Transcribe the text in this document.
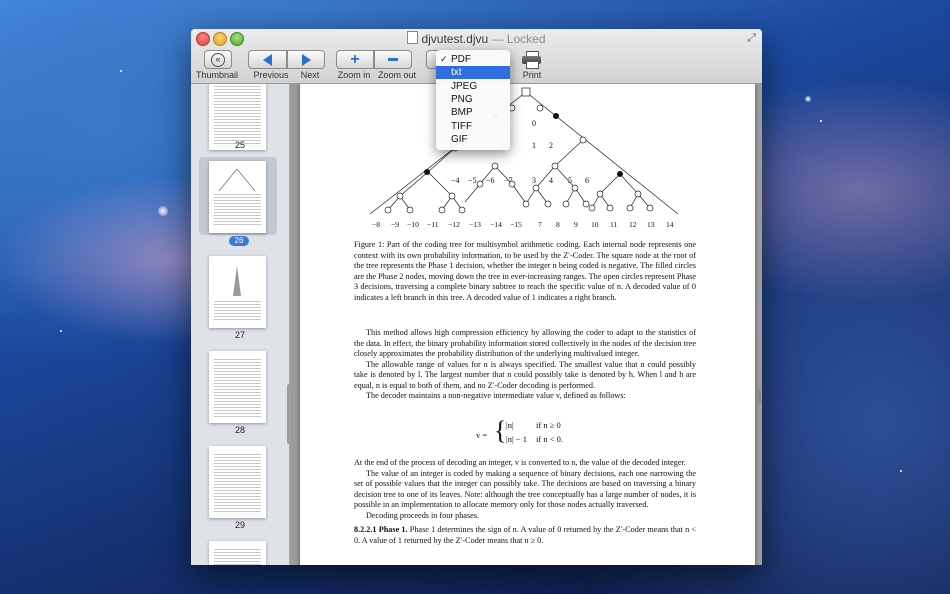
djvutest.djvu — Locked	⤢
«
Thumbnail	Previous	Next
+
Zoom in Zoom out	Print
25
26
27
28
29
0
1 2
−4 −5 −6 −7 3 4 5 6
−8 −9 −10 −11 −12 −13 −14 −15 7 8 9 10 11 12 13 14

Figure 1: Part of the coding tree for multisymbol arithmetic coding. Each internal node represents one context with its own probability information, to be used by the Z′-Coder. The square node at the root of the tree represents the Phase 1 decision, whether the integer n being coded is negative. The filled circles are the Phase 2 nodes, moving down the tree in ever-increasing ranges. The open circles represent Phase 3 decisions, traversing a complete binary subtree to reach the specific value of n. A decoded value of 0 indicates a left branch in this tree. A decoded value of 1 indicates a right branch.

This method allows high compression efficiency by allowing the coder to adapt to the statistics of the data. In effect, the binary probability information stored collectively in the nodes of the decision tree closely approximates the probability distribution of the underlying multivalued integer.

The allowable range of values for n is always specified. The smallest value that n could possibly take is denoted by l. The largest number that n could possibly take is denoted by h. When l and h are equal, n is equal to both of them, and no Z′-Coder decoding is performed.

The decoder maintains a non-negative intermediate value v, defined as follows:

v = { |n|	if n ≥ 0
|n| − 1 if n < 0.

At the end of the process of decoding an integer, v is converted to n, the value of the decoded integer.

The value of an integer is coded by making a sequence of binary decisions, each one narrowing the set of possible values that the integer can possibly take. The decisions are based on traversing a binary decision tree to one of its leaves. Note: although the tree conceptually has a large number of nodes, it is possible in an implementation to allocate memory only for those nodes actually traversed.

Decoding proceeds in four phases.

8.2.2.1 Phase 1. Phase 1 determines the sign of n. A value of 0 returned by the Z′-Coder means that n < 0. A value of 1 returned by the Z′-Coder means that n ≥ 0.

✓ PDF
txt
JPEG
PNG
BMP
TIFF
GIF
